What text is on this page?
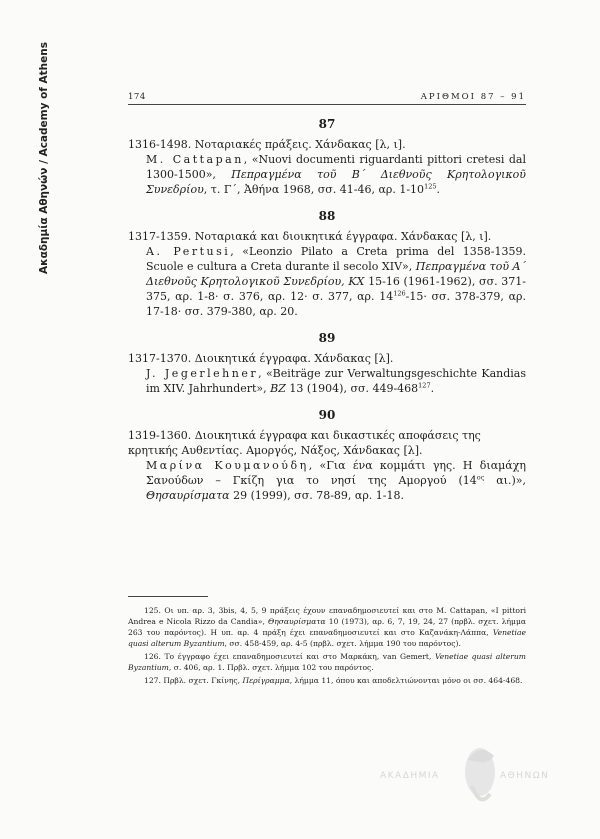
Ακαδημία Αθηνών / Academy of Athens	174	ΑΡΙΘΜΟΙ 87 – 91
87
1316-1498. Νοταριακές πράξεις. Χάνδακας [λ, ι].
M. Cattapan, «Nuovi documenti riguardanti pittori cretesi dal 1300-1500», Πεπραγμένα τοῦ Β΄ Διεθνοῦς Κρητολογικοῦ Συνεδρίου, τ. Γ΄, Ἀθήνα 1968, σσ. 41-46, αρ. $1-10^{125}$.
88
1317-1359. Νοταριακά και διοικητικά έγγραφα. Χάνδακας [λ, ι].
A. Pertusi, «Leonzio Pilato a Creta prima del 1358-1359. Scuole e cultura a Creta durante il secolo XIV», Πεπραγμένα τοῦ Α΄ Διεθνοῦς Κρητολογικοῦ Συνεδρίου, ΚΧ 15-16 (1961-1962), σσ. 371-375, αρ. 1-8· σ. 376, αρ. 12· σ. 377, αρ. $14^{126}-15\cdot \sigma\sigma$. 378-379, αρ. 17-18· σσ. 379-380, αρ. 20.
89
1317-1370. Διοικητικά έγγραφα. Χάνδακας [λ].
J. Jegerlehner, «Beiträge zur Verwaltungsgeschichte Kandias im XIV. Jahrhundert», BZ 13 (1904), σσ. $449-468^{127}$.
90
1319-1360. Διοικητικά έγγραφα και δικαστικές αποφάσεις της κρητικής Αυθεντίας. Αμοργός, Νάξος, Χάνδακας [λ].
Μαρίνα Κουμανούδη, «Για ένα κομμάτι γης. Η διαμάχη Σανούδων – Γκίζη για το νησί της Αμοργού ($14^{o\varsigma}$ αι.)», Θησαυρίσματα 29 (1999), σσ. 78-89, αρ. 1-18.

125. Οι υπ. αρ. 3, 3bis, 4, 5, 9 πράξεις έχουν επαναδημοσιευτεί και στο M. Cattapan, «I pittori Andrea e Nicola Rizzo da Candia», Θησαυρίσματα 10 (1973), αρ. 6, 7, 19, 24, 27 (πρβλ. σχετ. λήμμα 263 του παρόντος). Η υπ. αρ. 4 πράξη έχει επαναδημοσιευτεί και στο Καζανάκη-Λάππα, Venetiae quasi alterum Byzantium, σσ. 458-459, αρ. 4-5 (πρβλ. σχετ. λήμμα 190 του παρόντος).

126. Το έγγραφο έχει επαναδημοσιευτεί και στο Μαρκάκη, van Gemert, Venetiae quasi alterum Byzantium, σ. 406, αρ. 1. Πρβλ. σχετ. λήμμα 102 του παρόντος.

127. Πρβλ. σχετ. Γκίνης, Περίγραμμα, λήμμα 11, όπου και αποδελτιώνονται μόνο οι σσ. 464-468.

ΑΚΑΔΗΜΙΑ	ΑΘΗΝΩΝ
